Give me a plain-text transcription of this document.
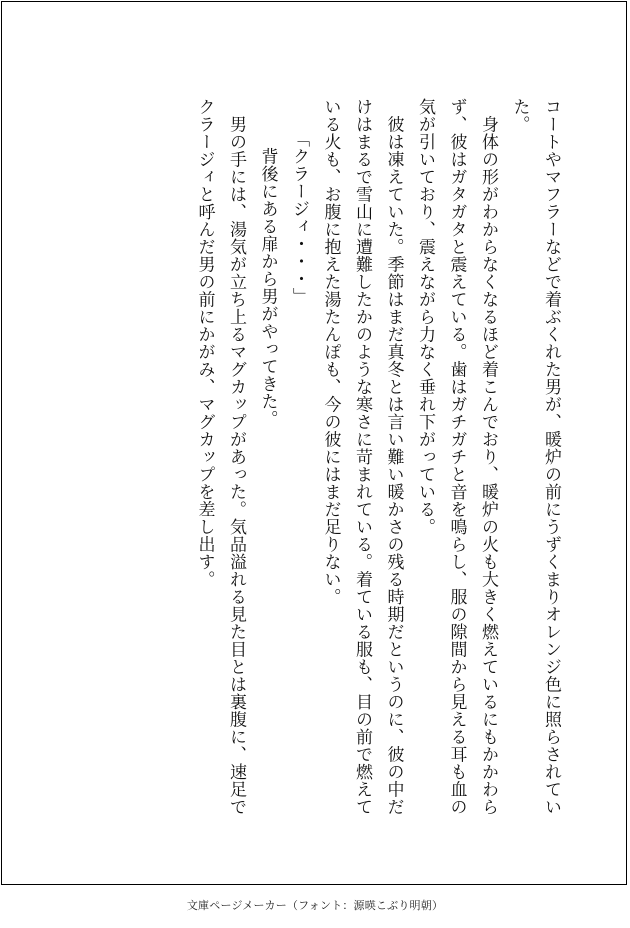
コートやマフラーなどで着ぶくれた男が、暖炉の前にうずくまりオレンジ色に照らされていた。

　身体の形がわからなくなるほど着こんでおり、暖炉の火も大きく燃えているにもかかわらず、彼はガタガタと震えている。歯はガチガチと音を鳴らし、服の隙間から見える耳も血の気が引いており、震えながら力なく垂れ下がっている。

　彼は凍えていた。季節はまだ真冬とは言い難い暖かさの残る時期だというのに、彼の中だけはまるで雪山に遭難したかのような寒さに苛まれている。着ている服も、目の前で燃えている火も、お腹に抱えた湯たんぽも、今の彼にはまだ足りない。

「クラージィ・・・」

　背後にある扉から男がやってきた。

　男の手には、湯気が立ち上るマグカップがあった。気品溢れる見た目とは裏腹に、速足でクラージィと呼んだ男の前にかがみ、マグカップを差し出す。

文庫ページメーカー（フォント：源暎こぶり明朝）
